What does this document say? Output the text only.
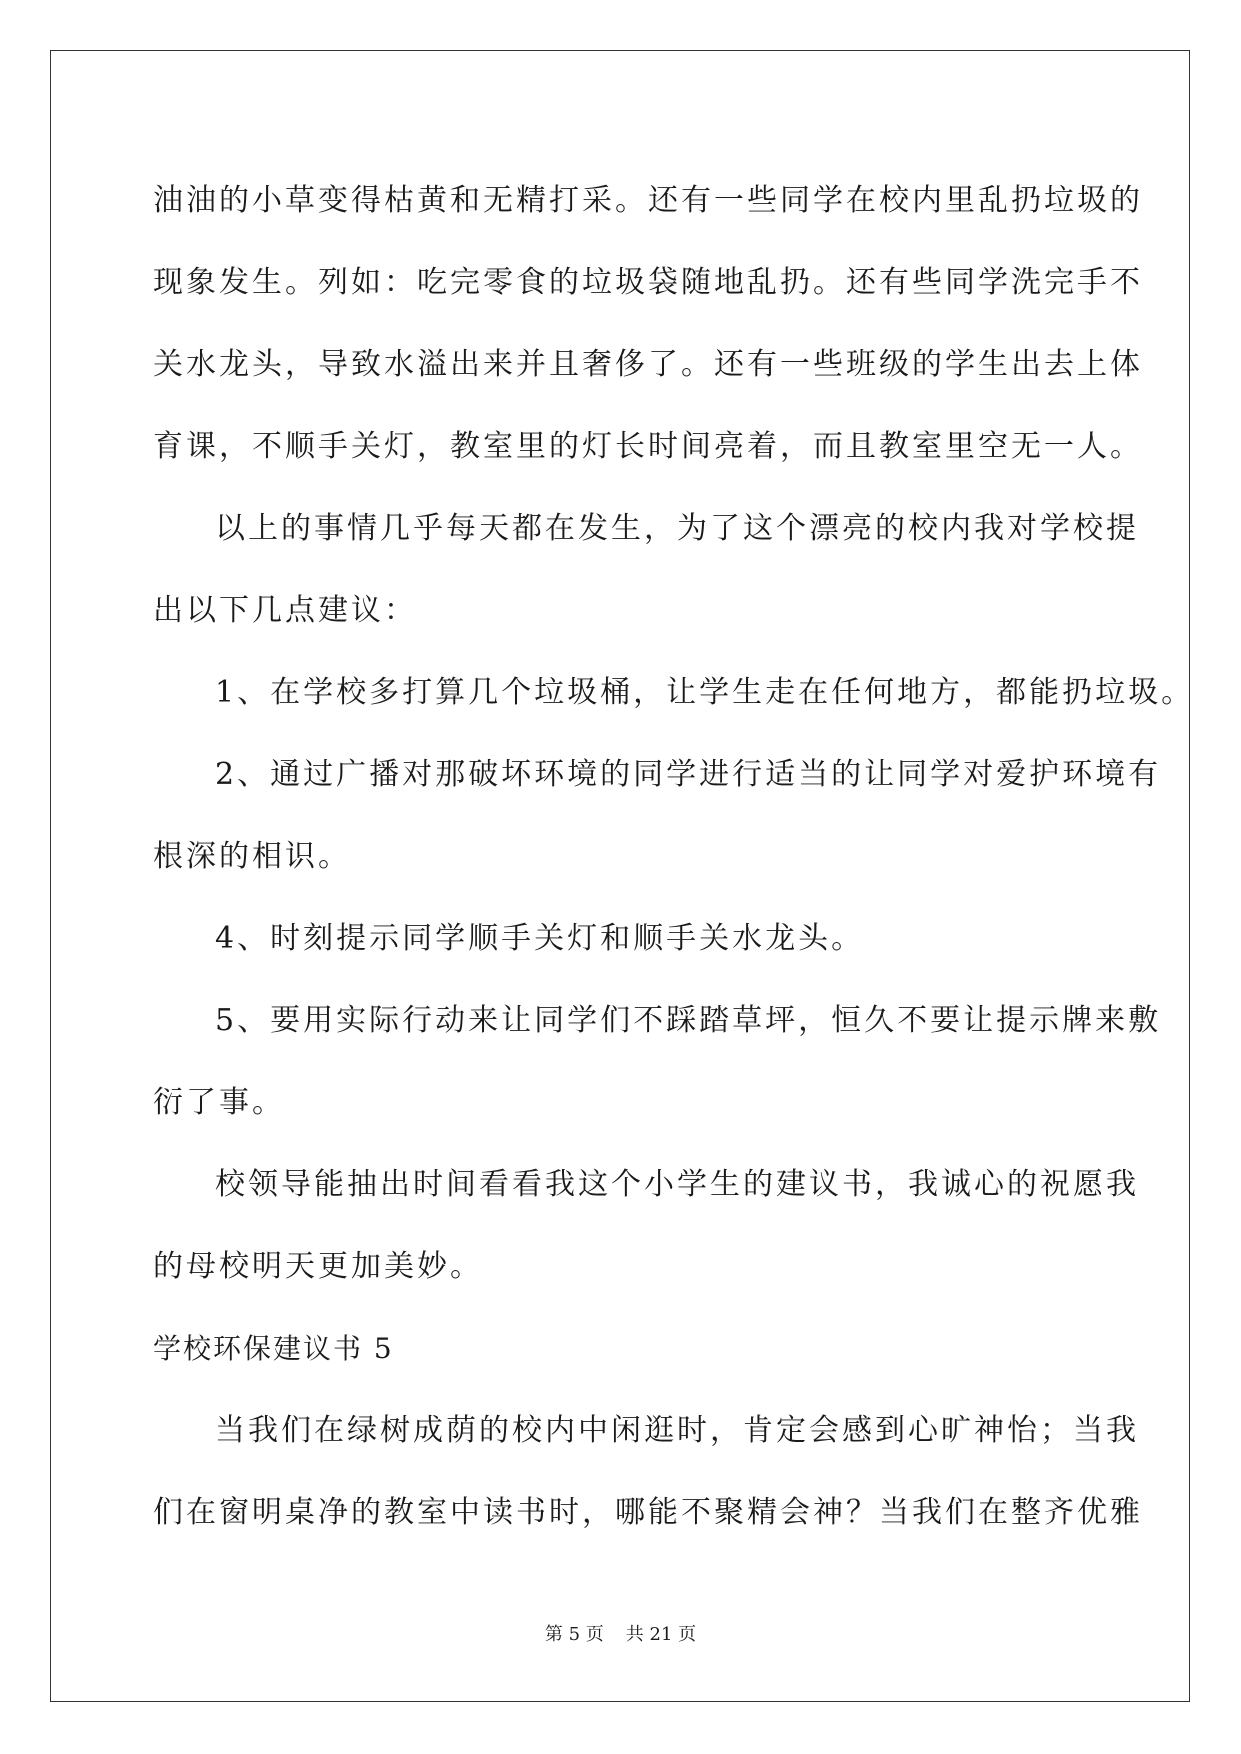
油油的小草变得枯黄和无精打采。还有一些同学在校内里乱扔垃圾的
现象发生。列如：吃完零食的垃圾袋随地乱扔。还有些同学洗完手不
关水龙头，导致水溢出来并且奢侈了。还有一些班级的学生出去上体
育课，不顺手关灯，教室里的灯长时间亮着，而且教室里空无一人。
以上的事情几乎每天都在发生，为了这个漂亮的校内我对学校提
出以下几点建议：
1、在学校多打算几个垃圾桶，让学生走在任何地方，都能扔垃圾。
2、通过广播对那破坏环境的同学进行适当的让同学对爱护环境有
根深的相识。
4、时刻提示同学顺手关灯和顺手关水龙头。
5、要用实际行动来让同学们不踩踏草坪，恒久不要让提示牌来敷
衍了事。
校领导能抽出时间看看我这个小学生的建议书，我诚心的祝愿我
的母校明天更加美妙。
学校环保建议书 5
当我们在绿树成荫的校内中闲逛时，肯定会感到心旷神怡；当我
们在窗明桌净的教室中读书时，哪能不聚精会神？当我们在整齐优雅
第 5 页 共 21 页
